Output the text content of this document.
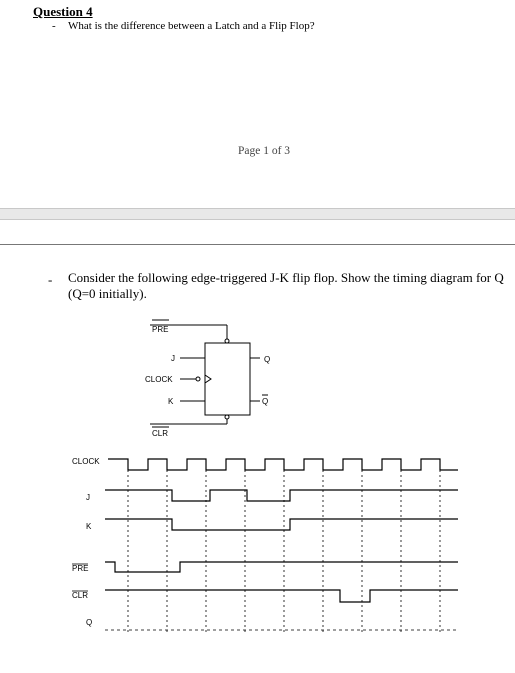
Question 4
- What is the difference between a Latch and a Flip Flop?
Page 1 of 3
- Consider the following edge-triggered J-K flip flop. Show the timing diagram for Q (Q=0 initially).
PRE
J
CLOCK
K
CLR
Q
Q
CLOCK
J
K
PRE
CLR
Q
